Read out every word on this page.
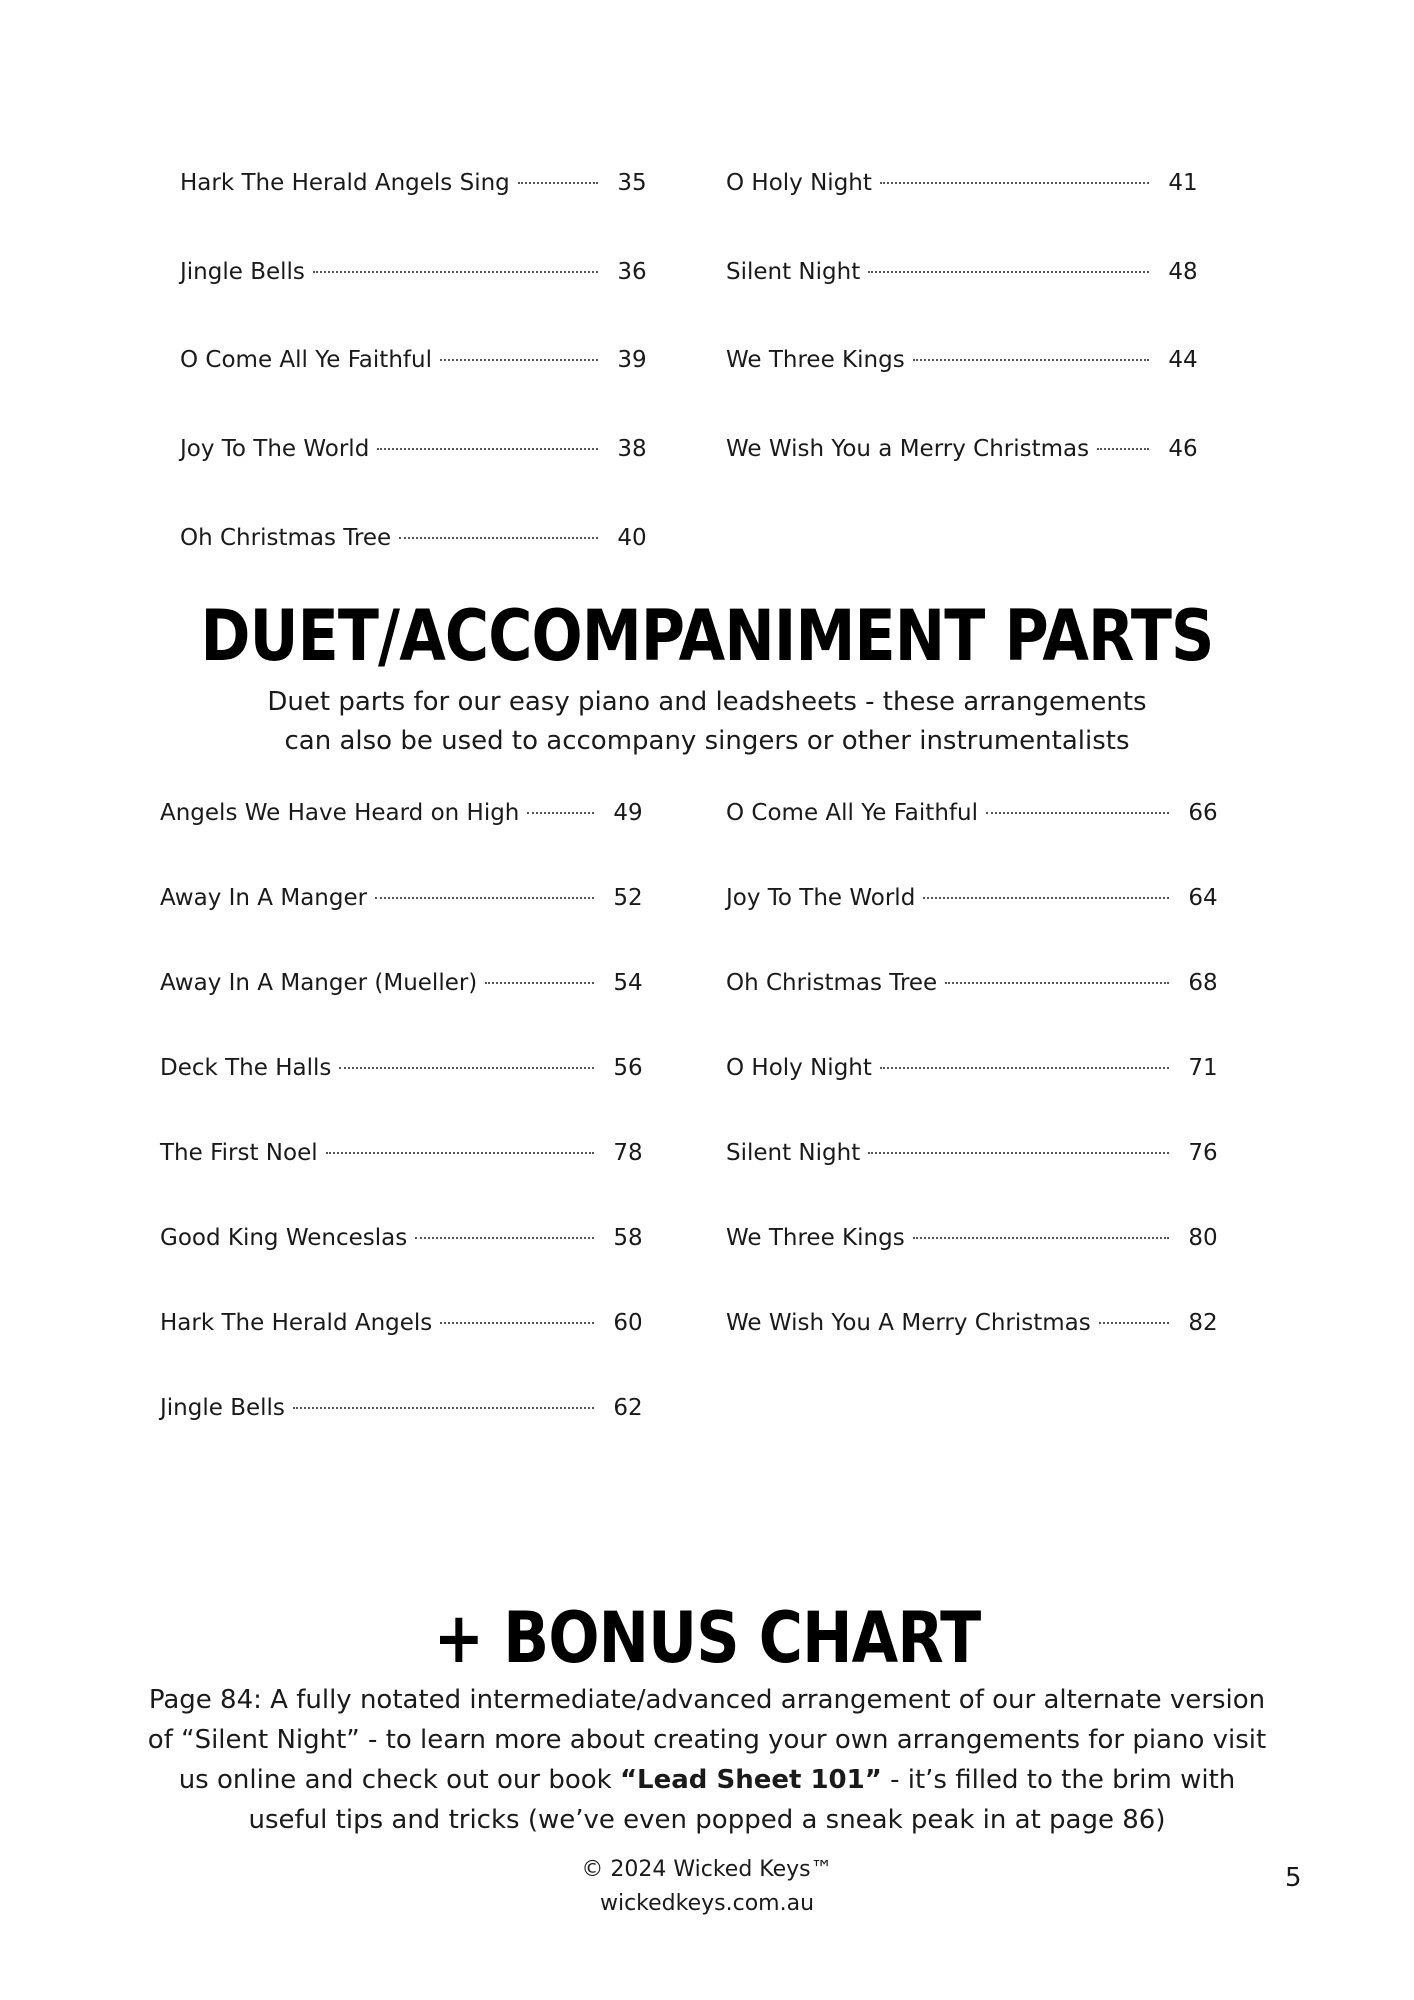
Hark The Herald Angels Sing	35
Jingle Bells	36
O Come All Ye Faithful	39
Joy To The World	38
Oh Christmas Tree	40
O Holy Night	41
Silent Night	48
We Three Kings	44
We Wish You a Merry Christmas	46
DUET/ACCOMPANIMENT PARTS
Duet parts for our easy piano and leadsheets - these arrangements
can also be used to accompany singers or other instrumentalists
Angels We Have Heard on High	49
Away In A Manger	52
Away In A Manger (Mueller)	54
Deck The Halls	56
The First Noel	78
Good King Wenceslas	58
Hark The Herald Angels	60
Jingle Bells	62
O Come All Ye Faithful	66
Joy To The World	64
Oh Christmas Tree	68
O Holy Night	71
Silent Night	76
We Three Kings	80
We Wish You A Merry Christmas	82
+ BONUS CHART
Page 84: A fully notated intermediate/advanced arrangement of our alternate version of “Silent Night” - to learn more about creating your own arrangements for piano visit us online and check out our book “Lead Sheet 101” - it’s filled to the brim with useful tips and tricks (we’ve even popped a sneak peak in at page 86)
© 2024 Wicked Keys™
wickedkeys.com.au
5
